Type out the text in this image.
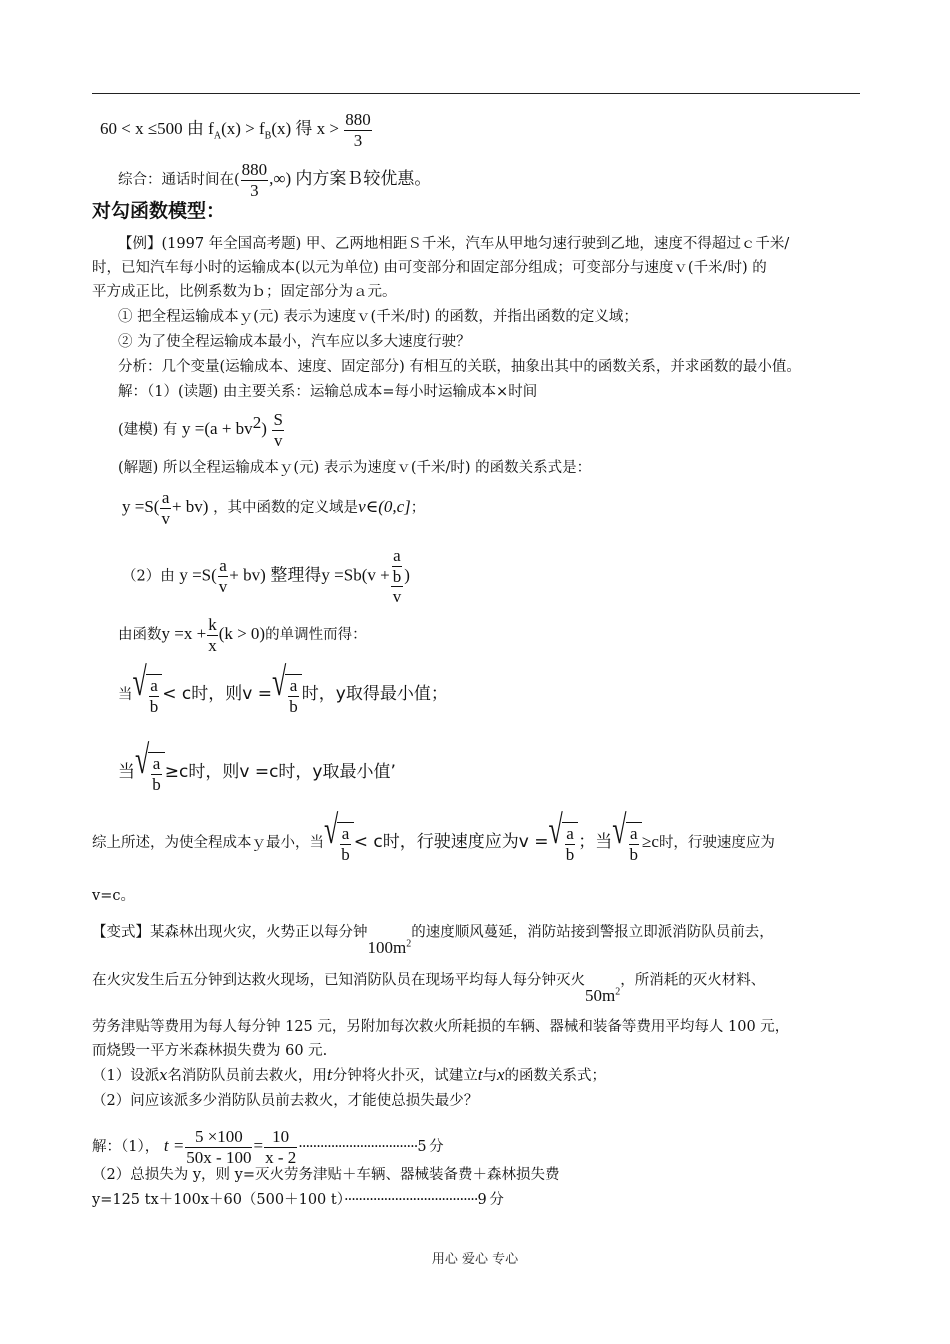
60 < x ≤500 由 $f_A(x) > f_B(x)$ 得 $x > \frac{880}{3}$
综合：通话时间在( $\frac{880}{3}$ ,∞) 内方案Ｂ较优惠。
对勾函数模型：
【例】(1997 年全国高考题) 甲、乙两地相距Ｓ千米，汽车从甲地匀速行驶到乙地，速度不得超过ｃ千米/
时，已知汽车每小时的运输成本(以元为单位) 由可变部分和固定部分组成；可变部分与速度ｖ(千米/时) 的
平方成正比，比例系数为ｂ；固定部分为ａ元。
① 把全程运输成本ｙ(元) 表示为速度ｖ(千米/时) 的函数，并指出函数的定义域；
② 为了使全程运输成本最小，汽车应以多大速度行驶？
分析：几个变量(运输成本、速度、固定部分) 有相互的关联，抽象出其中的函数关系，并求函数的最小值。
解：（1）(读题) 由主要关系：运输总成本=每小时运输成本×时间
(建模) 有 $y =(a + bv^2) \frac{S}{v}$
(解题) 所以全程运输成本ｙ(元) 表示为速度ｖ(千米/时) 的函数关系式是：
$y =S( \frac{a}{v} + bv)$ ，其中函数的定义域是v∈(0,c]；
（2）由 $y =S( \frac{a}{v} + bv)$ 整理得$y =Sb(v + \frac{\frac{a}{b}}{v}$ )
由函数$y =x + \frac{k}{x} (k > 0)$的单调性而得：
当 √ $\frac{a}{b} < c$时，则v = √ $\frac{a}{b}$ 时，y取得最小值；
当 √ $\frac{a}{b} \ge c$时，则v =c时，y取最小值’
综上所述，为使全程成本ｙ最小，当 √ $\frac{a}{b} < c$时，行驶速度应为v = √ $\frac{a}{b}$ ；当 √ $\frac{a}{b} \ge c$时，行驶速度应为
v=c。
【变式】某森林出现火灾，火势正以每分钟$100m^2$的速度顺风蔓延，消防站接到警报立即派消防队员前去，
在火灾发生后五分钟到达救火现场，已知消防队员在现场平均每人每分钟灭火$50m^2$，所消耗的灭火材料、
劳务津贴等费用为每人每分钟 125 元，另附加每次救火所耗损的车辆、器械和装备等费用平均每人 100 元，
而烧毁一平方米森林损失费为 60 元.
（1）设派x名消防队员前去救火，用t分钟将火扑灭，试建立t与x的函数关系式；
（2）问应该派多少消防队员前去救火，才能使总损失最少？
解：（1）， $t = \frac{5 \times 100}{50x - 100} = \frac{10}{x - 2} \cdot\cdot\cdot\cdot\cdot\cdot\cdot\cdot\cdot\cdot\cdot\cdot\cdot\cdot\cdot\cdot\cdot\cdot\cdot\cdot\cdot\cdot\cdot\cdot\cdot\cdot\cdot\cdot\cdot\cdot\cdot\cdot\cdot 5$ 分
（2）总损失为 y，则 y=灭火劳务津贴＋车辆、器械装备费＋森林损失费
y=125 tx＋100x＋60（500＋100 t）·····································9 分
用心 爱心 专心
